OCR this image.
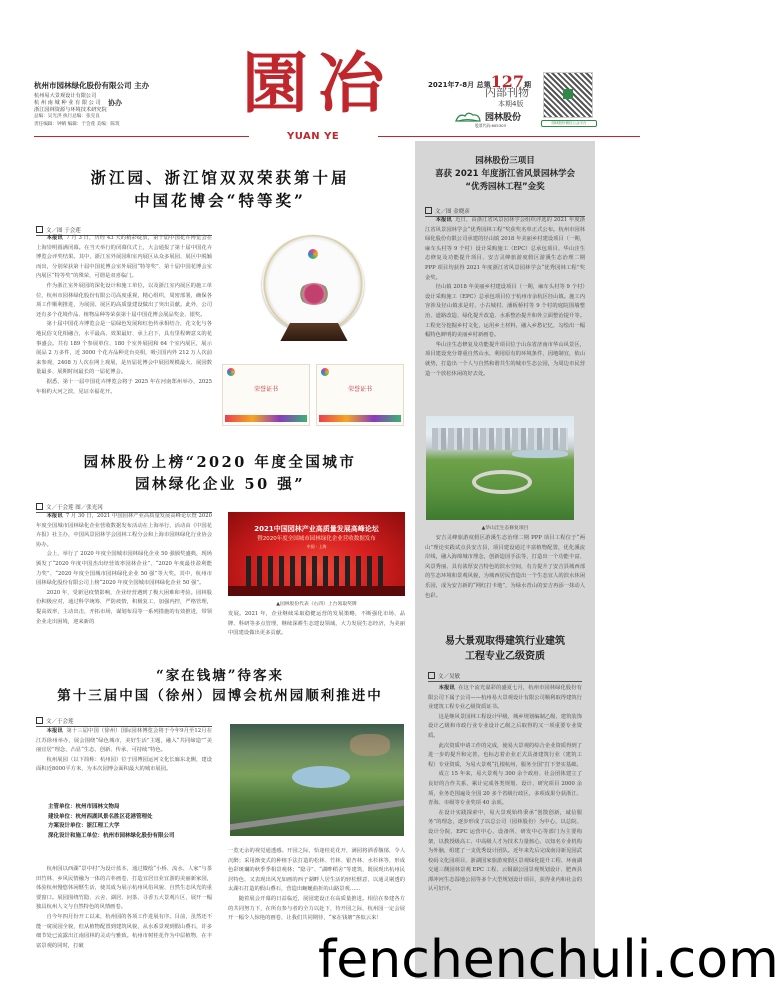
杭州市园林绿化股份有限公司 主办
杭州易大景观设计有限公司
杭 州 南 城 种 业 有 限 公 司
浙江园林资源与环境技术研究院
协办
总编：吴光洪 执行总编：张克良
责任编辑：钟晴 编辑：于会莲 美编：陈筑
園 冶
YUAN YE
2021年7-8月 总第127期
内部刊物
本期4版
园林股份
股票代码:605303	园林股份微信公众平台
浙江园、浙江馆双双荣获第十届
中国花博会“特等奖”
文／图 于会莲

本报讯 7 月 3 日，历经 43 天的精彩绽放，第十届中国花卉博览会在上海崇明圆满闭幕。在当天举行的闭幕仪式上，大会通报了第十届中国花卉博览会评奖结果。其中，浙江室外展园和室内展区从众多展园、展区中脱颖而出，分别荣获第十届中国花博会室外展园“特等奖”、第十届中国花博会室内展区“特等奖”的殊荣，可谓是双喜临门。

作为浙江室外展园的深化设计和施工单位，以及浙江室内展区的施工单位，杭州市园林绿化股份有限公司高度重视，精心组织，周密部署，确保各项工作顺利推进，为展园、展区的高质量建设做出了突出贡献。此外，公司还有多个花境作品、植物品种等荣获第十届中国花博会展品奖金、银奖。

第十届中国花卉博览会是一届绿色发展和红色传承相结合，花文化与各地民俗文化相融合，水平最高、效果最好、承上启下，具有里程碑意义的花事盛会。共有 189 个参展单位、180 个室外展园和 64 个室内展区，展示展品 2 万多件，近 3000 个花卉品种竞台亮相，吸引国内外 212 万人次前来参观，2408 万人次在网上观展，是历届花博会中展园规模最大、展园数量最多、展期时间最长的一届花博会。

据悉，第十一届中国花卉博览会将于 2025 年在河南郑州举办，2025 年相约大河之滨，见证幸福花开。	荣誉证书	荣誉证书
园林股份上榜“2020 年度全国城市
园林绿化企业 50 强”
文／于会莲 图／张光冈

本报讯 7 月 30 日，2021 中国园林产业高质量发展高峰论坛暨 2020 年度全国城市园林绿化企业营收数据发布活动在上海举行，活动由《中国花卉报》社主办，中国风景园林学会园林工程分会和上海市园林绿化行业协会协办。

会上，举行了 2020 年度全国城市园林绿化企业 50 强颁奖盛典，现场颁发了“2020 年度中国杰出经营效率园林企业”、“2020 年度最佳盈利能力奖”、“2020 年度全国城市园林绿化企业 50 强”等大奖。其中，杭州市园林绿化股份有限公司上榜“2020 年度全国城市园林绿化企业 50 强”。

2020 年，受新冠疫情影响，企业经营遇到了极大困难和考验。园林股份积极应对，通过科学统筹，严防疫情，积极复工，加强内控，严格管理，提高效率，主动出击，开拓市场，谋划布局等一系列措施的有效推进，带领企业走出困境，迎来新的

2021中国园林产业高质量发展高峰论坛
暨2020年度全国城市园林绿化企业营收数据发布
中国 · 上海
▲园林股份代表（右四）上台领取奖牌
发展。2021 年，企业继续采取稳健运营的发展策略，不断强化市场、品牌、科研等多点管理，继续深耕生态建设领域，大力发展生态经济，为美丽中国建设做出更多贡献。
“家在钱塘”待客来
第十三届中国（徐州）园博会杭州园顺利推进中
文／于会莲

本报讯 第十三届中国（徐州）国际园林博览会将于今年9月至12月在江苏徐州举办，展会围绕“绿色城市，美好生活”主题，融入“共同缔造”“美丽宜居”理念，凸显“生态、创新、传承、可持续”特色。

杭州展园（以下简称：杭州园）位于园博园运河文化长廊东北侧，建设面积近8000平方米，为本次园博会面积最大的城市展园。

主管单位：杭州市园林文物局
建设单位：杭州西湖风景名胜区花港管理处
方案设计单位：浙江理工大学
深化设计和施工单位：杭州市园林绿化股份有限公司

杭州园以西湖“景中村”为设计蓝本，通过微绘“小桥、流水、人家”与茶田竹林、乡风民情融为一体的古朴画卷，打造宜居宜业宜游的美丽新家园，体验杭州慢悠休闲惬生活，使其成为展示杭州风俗风貌、自然生态风光的重要窗口。展园围绕竹隐、云舍、湖居、问茶、寻香五大景观片区，展开一幅独具杭州人文与自然特色的风情画卷。

自今年四月份开工以来，杭州园的各项工作进展有序。目前，虽然还不能一窥展园全貌，但从植物配置到建筑风貌，从水系景观到假山叠石，许多细节处已流露出江南园林的灵动与雅致。杭州市树桂花作为中层植物，在丰富景观的同时，打破

一览无余的视觉通透感。开园之际，恰逢桂花花开，满园将洒香馥郁，令人沉醉；采用渐变式的种植手法打造的松林、竹林、银杏林、水杉林等，形成色彩斑斓的秋季季相景观林；“隐寻”、“湖畔稻舍”等建筑，既展现出杭州民居特色，又表现出风光如画的西子湖畔人居生活的轻松惬意，以通灵剔透的太湖石打造的假山叠石，营造出蜿蜒曲折的山路景观……

随着展会开幕的日益临近，展园建设正在高质量推进。相信在参建各方的共同努力下，在所有参与者的全力以赴下，待开园之际，杭州园一定会展开一幅令人惊艳的画卷，让我们共同期待，“家在钱塘”客似云来！

园林股份三项目
喜获 2021 年度浙江省风景园林学会
“优秀园林工程”金奖
文／图 金晓彦

本报讯 近日，由浙江省风景园林学会组织评选的 2021 年度浙江省风景园林学会“优秀园林工程”奖获奖名单正式公布。杭州市园林绿化股份有限公司承建的径山镇 2018 年美丽乡村建设项目（一期，麻车头村等 9 个村）设计采购施工（EPC）总承包项目、华山洼生态修复及功能提升项目、安吉灵峰旅游度假区游溪生态治理二期 PPP 项目均获得 2021 年度浙江省风景园林学会“优秀园林工程”奖金奖。

径山镇 2018 年美丽乡村建设项目（一期，麻车头村等 9 个村）设计采购施工（EPC）总承包项目位于杭州市余杭区径山镇。施工内容涉及径山镇求是村、小古城村、潘板桥村等 9 个村的庭院围墙整治、道路改造、绿化提升改造、水系整治提升和外立面整治提升等。工程充分挖掘乡村文化，运用乡土材料，融入乡愁记忆，勾绘出一幅幅特色鲜明的美丽乡村新画卷。

华山洼生态修复及功能提升项目位于山东省济南市华山风景区，项目建设充分尊重自然山水，利用原有的环境条件，因地制宜，依山就势，打造出一个人与自然和谐共生的城市生态公园，为周边市民营造一个放松休闲的好去处。

▲华山洼生态修复项目
安吉灵峰旅游度假区游溪生态治理二期 PPP 项目工程位于“两山”理论实践试点县安吉县，项目建设通过丰富植物配置，优化溪流岸线，融入海绵城市理念，创新造园手法等，打造出一个功能丰富、风景秀丽、具有浓厚安吉特色的滨水空间，有力提升了安吉县城西部的生态环境和景观风貌，为城西居民营造出一个生态宜人的滨水休闲乐园，成为安吉新的“网红打卡地”，为绿水青山的安吉再添一抹动人色彩。
易大景观取得建筑行业建筑
工程专业乙级资质
文／吴敏

本报讯 在这个流光溢彩的盛夏七月，杭州市园林绿化股份有限公司下属子公司——杭州易大景观设计有限公司顺利取得建筑行业建筑工程专业乙级资质证书。

这是继风景园林工程设计甲级、城乡规划编制乙级、建筑装饰设计乙级和市政行业专业设计乙级之后取得的又一项重要专业资质。

此次资质申请工作的完成，使易大景观的综合企业资质得到了进一步的提升和完善，也标志着企业正式具备建筑行业（建筑工程）专业资质，为易大景观“扎根杭州，服务全国”打下坚实基础。

成立 15 年来，易大景观与 300 余个政府、社会团体建立了良好的合作关系，累计完成各类规划、设计、研究项目 2000 余项，业务范围遍及全国 20 多个省级行政区，多项成果分获浙江、青海、市级等专业奖项 40 余项。

在设计实践探索中，易大景观始终秉承“创散创新，诚信服务”的理念，逐步形成了以总公司（园林股份）为中心，以总院、设计分院、EPC 运营中心、设备所、研发中心等部门为主要构架，以教授级高工、中高级人才为技术力量核心，以知名专业机构为外脑，组建了一支优秀设计团队。近年来先后完成南浔新见园武校码文化园项目、浙湖国家旅游度假区景观绿化提升工程、环南湖交通三侧园林景观 EPC 工程、云铜湖公园景观规划设计、肥西县潭冲河生态湿地公园等多个大型规划设计项目，获得业内和社会的认可好评。

fenchenchuli.com
